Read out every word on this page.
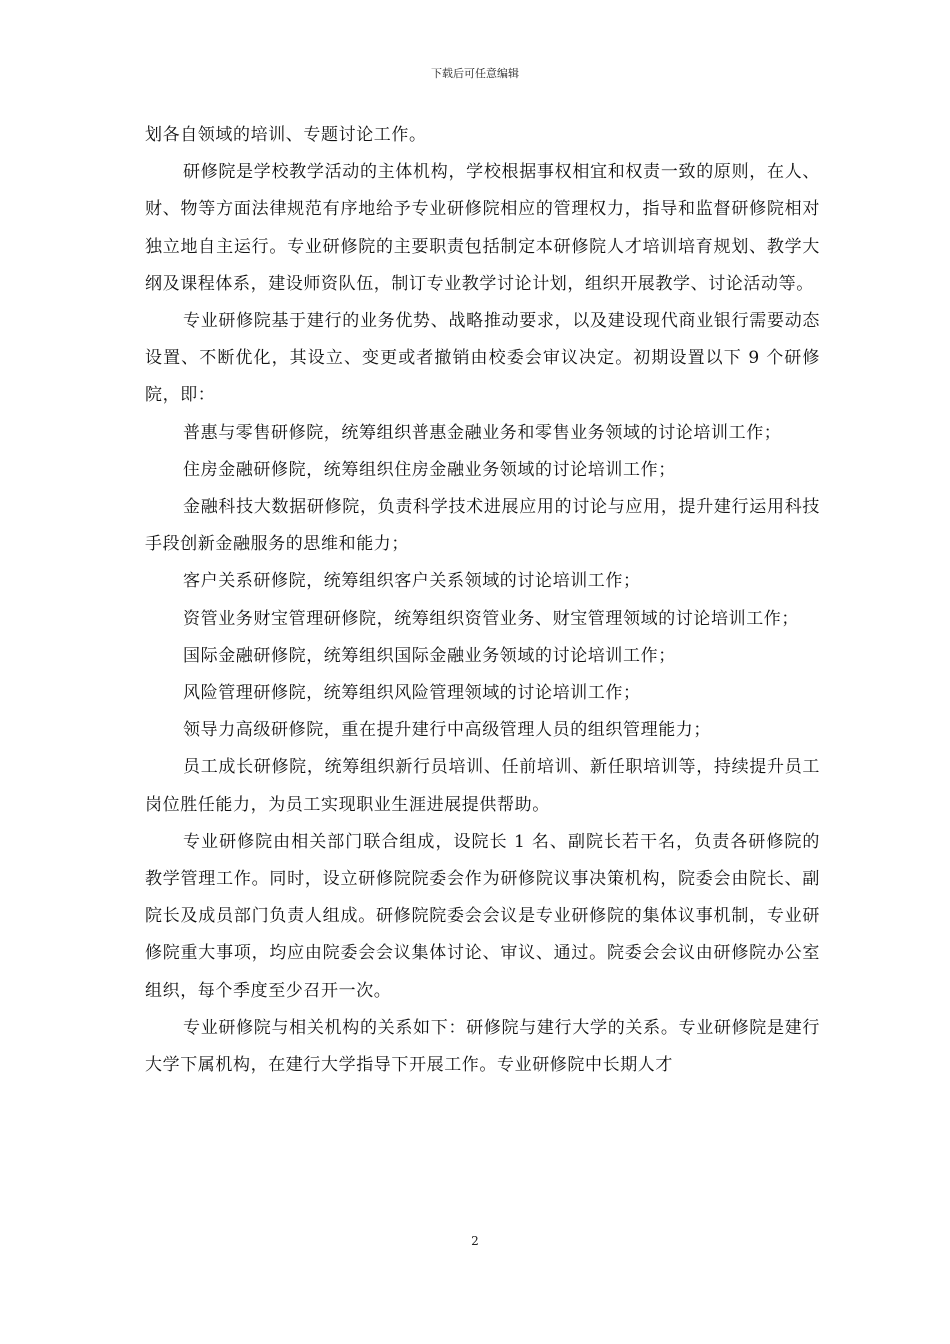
下载后可任意编辑

划各自领域的培训、专题讨论工作。

研修院是学校教学活动的主体机构，学校根据事权相宜和权责一致的原则，在人、财、物等方面法律规范有序地给予专业研修院相应的管理权力，指导和监督研修院相对独立地自主运行。专业研修院的主要职责包括制定本研修院人才培训培育规划、教学大纲及课程体系，建设师资队伍，制订专业教学讨论计划，组织开展教学、讨论活动等。

专业研修院基于建行的业务优势、战略推动要求，以及建设现代商业银行需要动态设置、不断优化，其设立、变更或者撤销由校委会审议决定。初期设置以下 9 个研修院，即：

普惠与零售研修院，统筹组织普惠金融业务和零售业务领域的讨论培训工作；

住房金融研修院，统筹组织住房金融业务领域的讨论培训工作；

金融科技大数据研修院，负责科学技术进展应用的讨论与应用，提升建行运用科技手段创新金融服务的思维和能力；

客户关系研修院，统筹组织客户关系领域的讨论培训工作；

资管业务财宝管理研修院，统筹组织资管业务、财宝管理领域的讨论培训工作；

国际金融研修院，统筹组织国际金融业务领域的讨论培训工作；

风险管理研修院，统筹组织风险管理领域的讨论培训工作；

领导力高级研修院，重在提升建行中高级管理人员的组织管理能力；

员工成长研修院，统筹组织新行员培训、任前培训、新任职培训等，持续提升员工岗位胜任能力，为员工实现职业生涯进展提供帮助。

专业研修院由相关部门联合组成，设院长 1 名、副院长若干名，负责各研修院的教学管理工作。同时，设立研修院院委会作为研修院议事决策机构，院委会由院长、副院长及成员部门负责人组成。研修院院委会会议是专业研修院的集体议事机制，专业研修院重大事项，均应由院委会会议集体讨论、审议、通过。院委会会议由研修院办公室组织，每个季度至少召开一次。

专业研修院与相关机构的关系如下：研修院与建行大学的关系。专业研修院是建行大学下属机构，在建行大学指导下开展工作。专业研修院中长期人才

2
